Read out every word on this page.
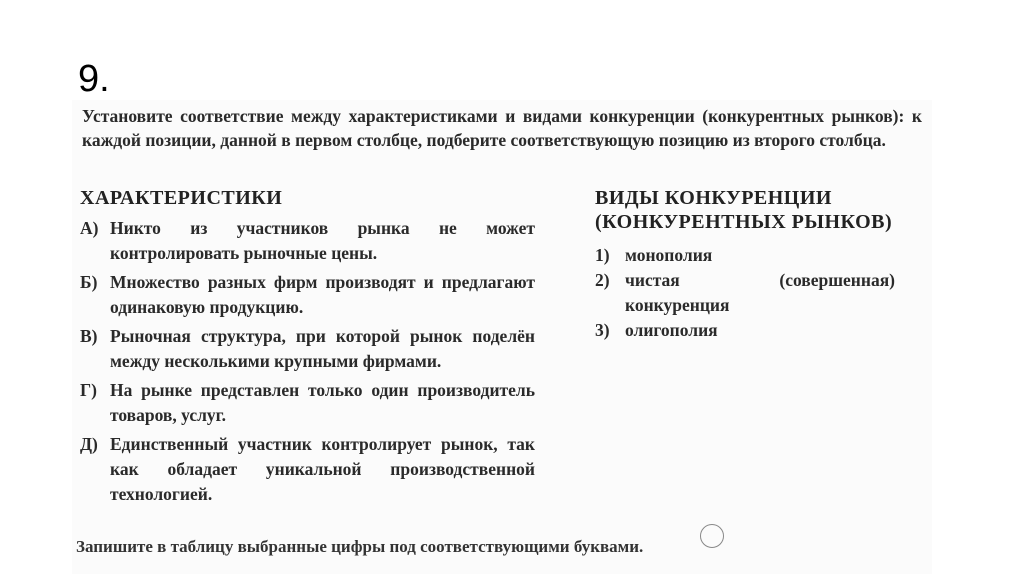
9.
Установите соответствие между характеристиками и видами конкуренции (конкурентных рынков): к каждой позиции, данной в первом столбце, подберите соответствующую позицию из второго столбца.
ХАРАКТЕРИСТИКИ	ВИДЫ КОНКУРЕНЦИИ (КОНКУРЕНТНЫХ РЫНКОВ)
А) Никто из участников рынка не может контролировать рыночные цены.
Б) Множество разных фирм производят и предлагают одинаковую продукцию.
В) Рыночная структура, при которой рынок поделён между несколькими крупными фирмами.
Г) На рынке представлен только один производитель товаров, услуг.
Д) Единственный участник контролирует рынок, так как обладает уникальной производственной технологией.
1) монополия
2) чистая (совершенная) конкуренция
3) олигополия
Запишите в таблицу выбранные цифры под соответствующими буквами.
